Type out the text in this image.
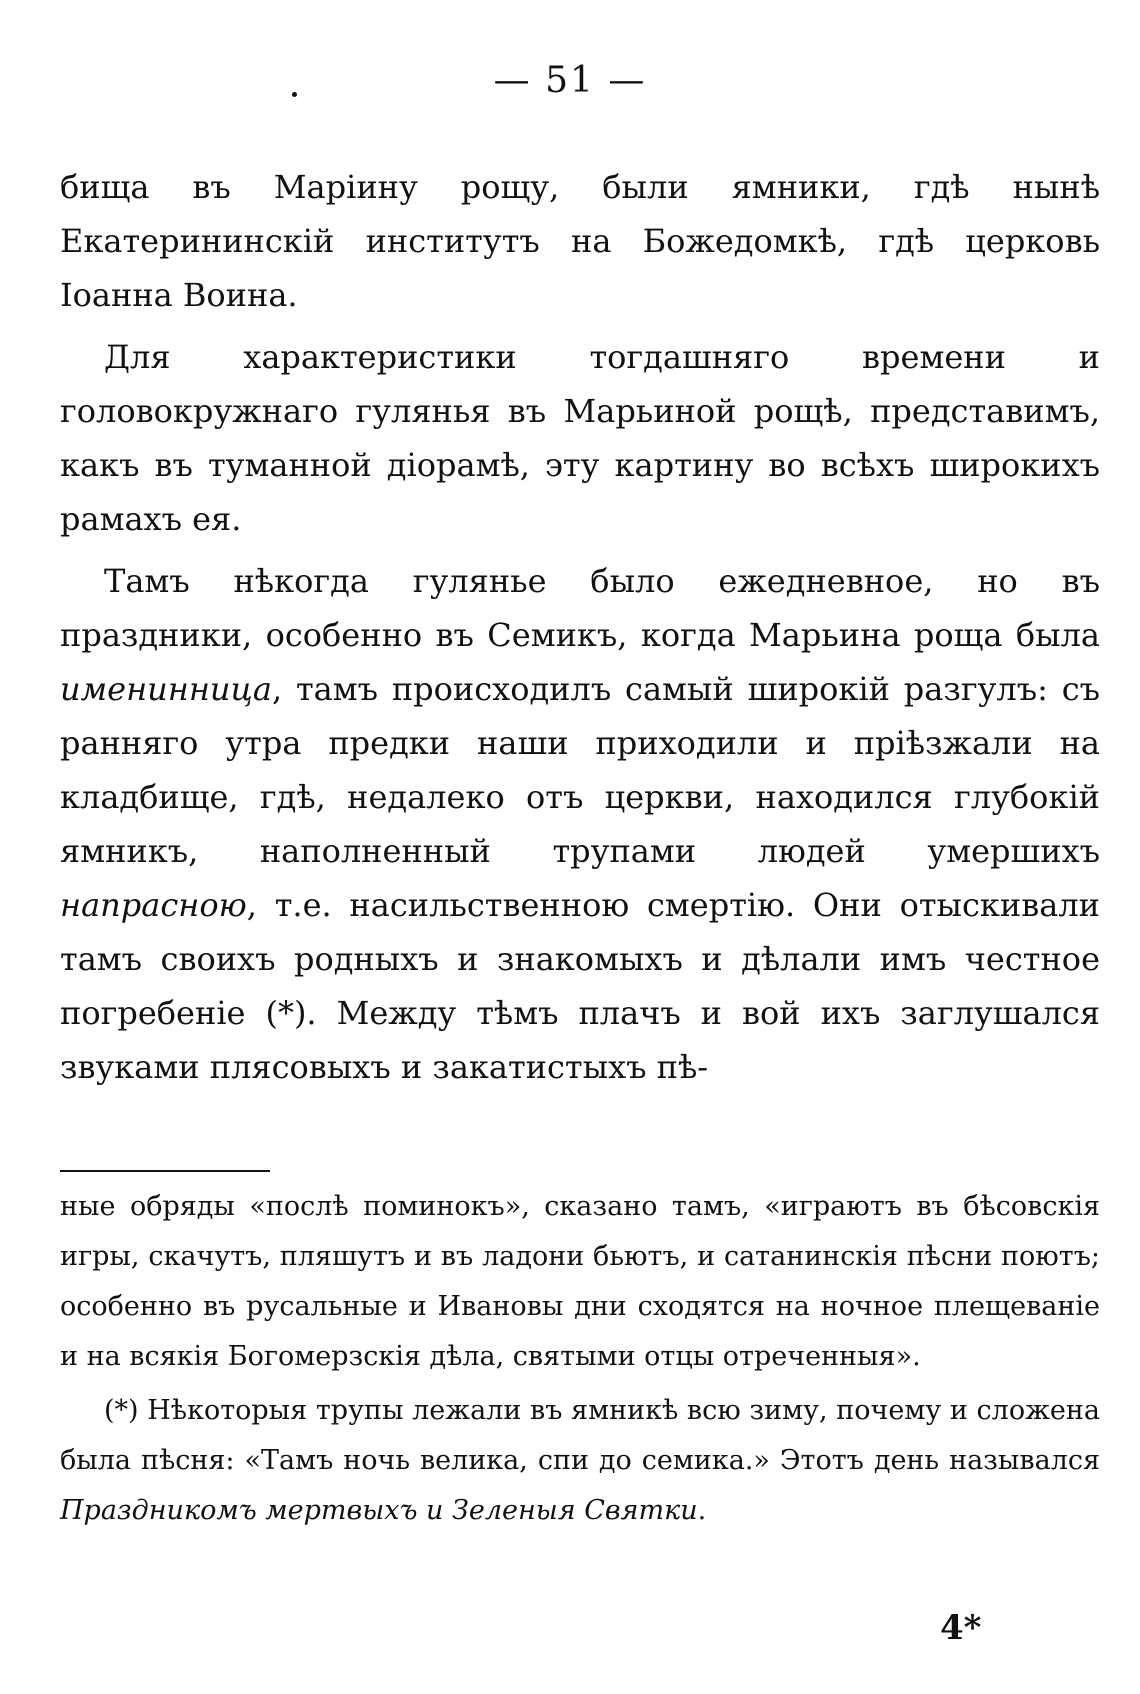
— 51 —

бища въ Маріину рощу, были ямники, гдѣ нынѣ Екатерининскій институтъ на Божедомкѣ, гдѣ церковь Іоанна Воина.

Для характеристики тогдашняго времени и головокружнаго гулянья въ Марьиной рощѣ, представимъ, какъ въ туманной діорамѣ, эту картину во всѣхъ широкихъ рамахъ ея.

Тамъ нѣкогда гулянье было ежедневное, но въ праздники, особенно въ Семикъ, когда Марьина роща была именинница, тамъ происходилъ самый широкій разгулъ: съ ранняго утра предки наши приходили и пріѣзжали на кладбище, гдѣ, недалеко отъ церкви, находился глубокій ямникъ, наполненный трупами людей умершихъ напрасною, т.е. насильственною смертію. Они отыскивали тамъ своихъ родныхъ и знакомыхъ и дѣлали имъ честное погребеніе (*). Между тѣмъ плачъ и вой ихъ заглушался звуками плясовыхъ и закатистыхъ пѣ-

ные обряды «послѣ поминокъ», сказано тамъ, «играютъ въ бѣсовскія игры, скачутъ, пляшутъ и въ ладони бьютъ, и сатанинскія пѣсни поютъ; особенно въ русальные и Ивановы дни сходятся на ночное плещеваніе и на всякія Богомерзскія дѣла, святыми отцы отреченныя».

(*) Нѣкоторыя трупы лежали въ ямникѣ всю зиму, почему и сложена была пѣсня: «Тамъ ночь велика, спи до семика.» Этотъ день назывался Праздникомъ мертвыхъ и Зеленыя Святки.

4*
